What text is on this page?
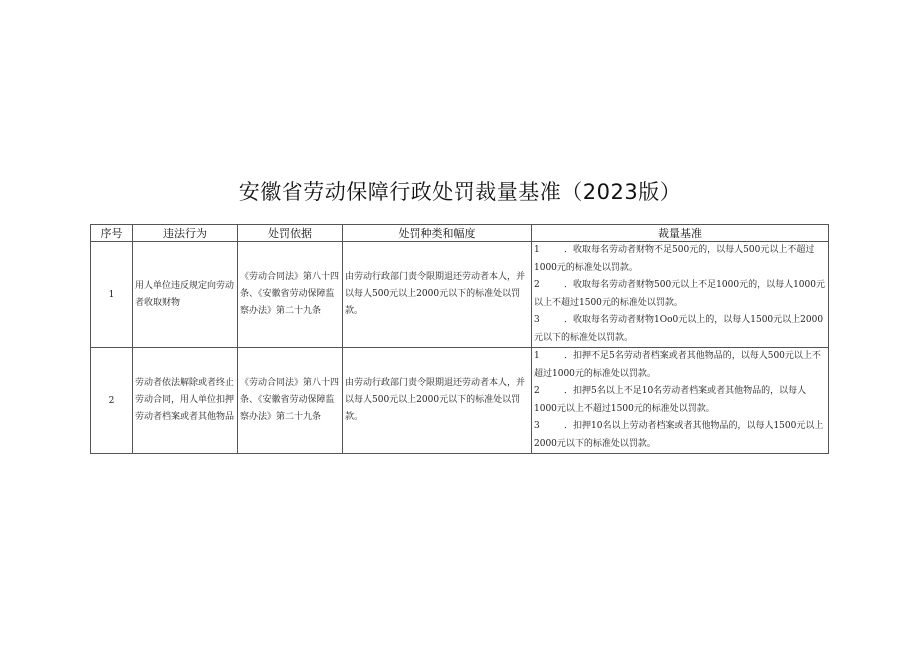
安徽省劳动保障行政处罚裁量基准（2023版）
序号	违法行为	处罚依据	处罚种类和幅度	裁量基准
1	用人单位违反规定向劳动者收取财物	《劳动合同法》第八十四条、《安徽省劳动保障监察办法》第二十九条	由劳动行政部门责令限期退还劳动者本人，并以每人500元以上2000元以下的标准处以罚款。	1 ．收取每名劳动者财物不足500元的，以每人500元以上不超过1000元的标准处以罚款。
2 ．收取每名劳动者财物500元以上不足1000元的，以每人1000元以上不超过1500元的标准处以罚款。
3 ．收取每名劳动者财物1Oo0元以上的，以每人1500元以上2000元以下的标准处以罚款。

2	劳动者依法解除或者终止劳动合同，用人单位扣押劳动者档案或者其他物品	《劳动合同法》第八十四条、《安徽省劳动保障监察办法》第二十九条	由劳动行政部门责令限期退还劳动者本人，并以每人500元以上2000元以下的标准处以罚款。	1 ．扣押不足5名劳动者档案或者其他物品的，以每人500元以上不超过1000元的标准处以罚款。
2 ．扣押5名以上不足10名劳动者档案或者其他物品的，以每人1000元以上不超过1500元的标准处以罚款。
3 ．扣押10名以上劳动者档案或者其他物品的，以每人1500元以上2000元以下的标准处以罚款。
